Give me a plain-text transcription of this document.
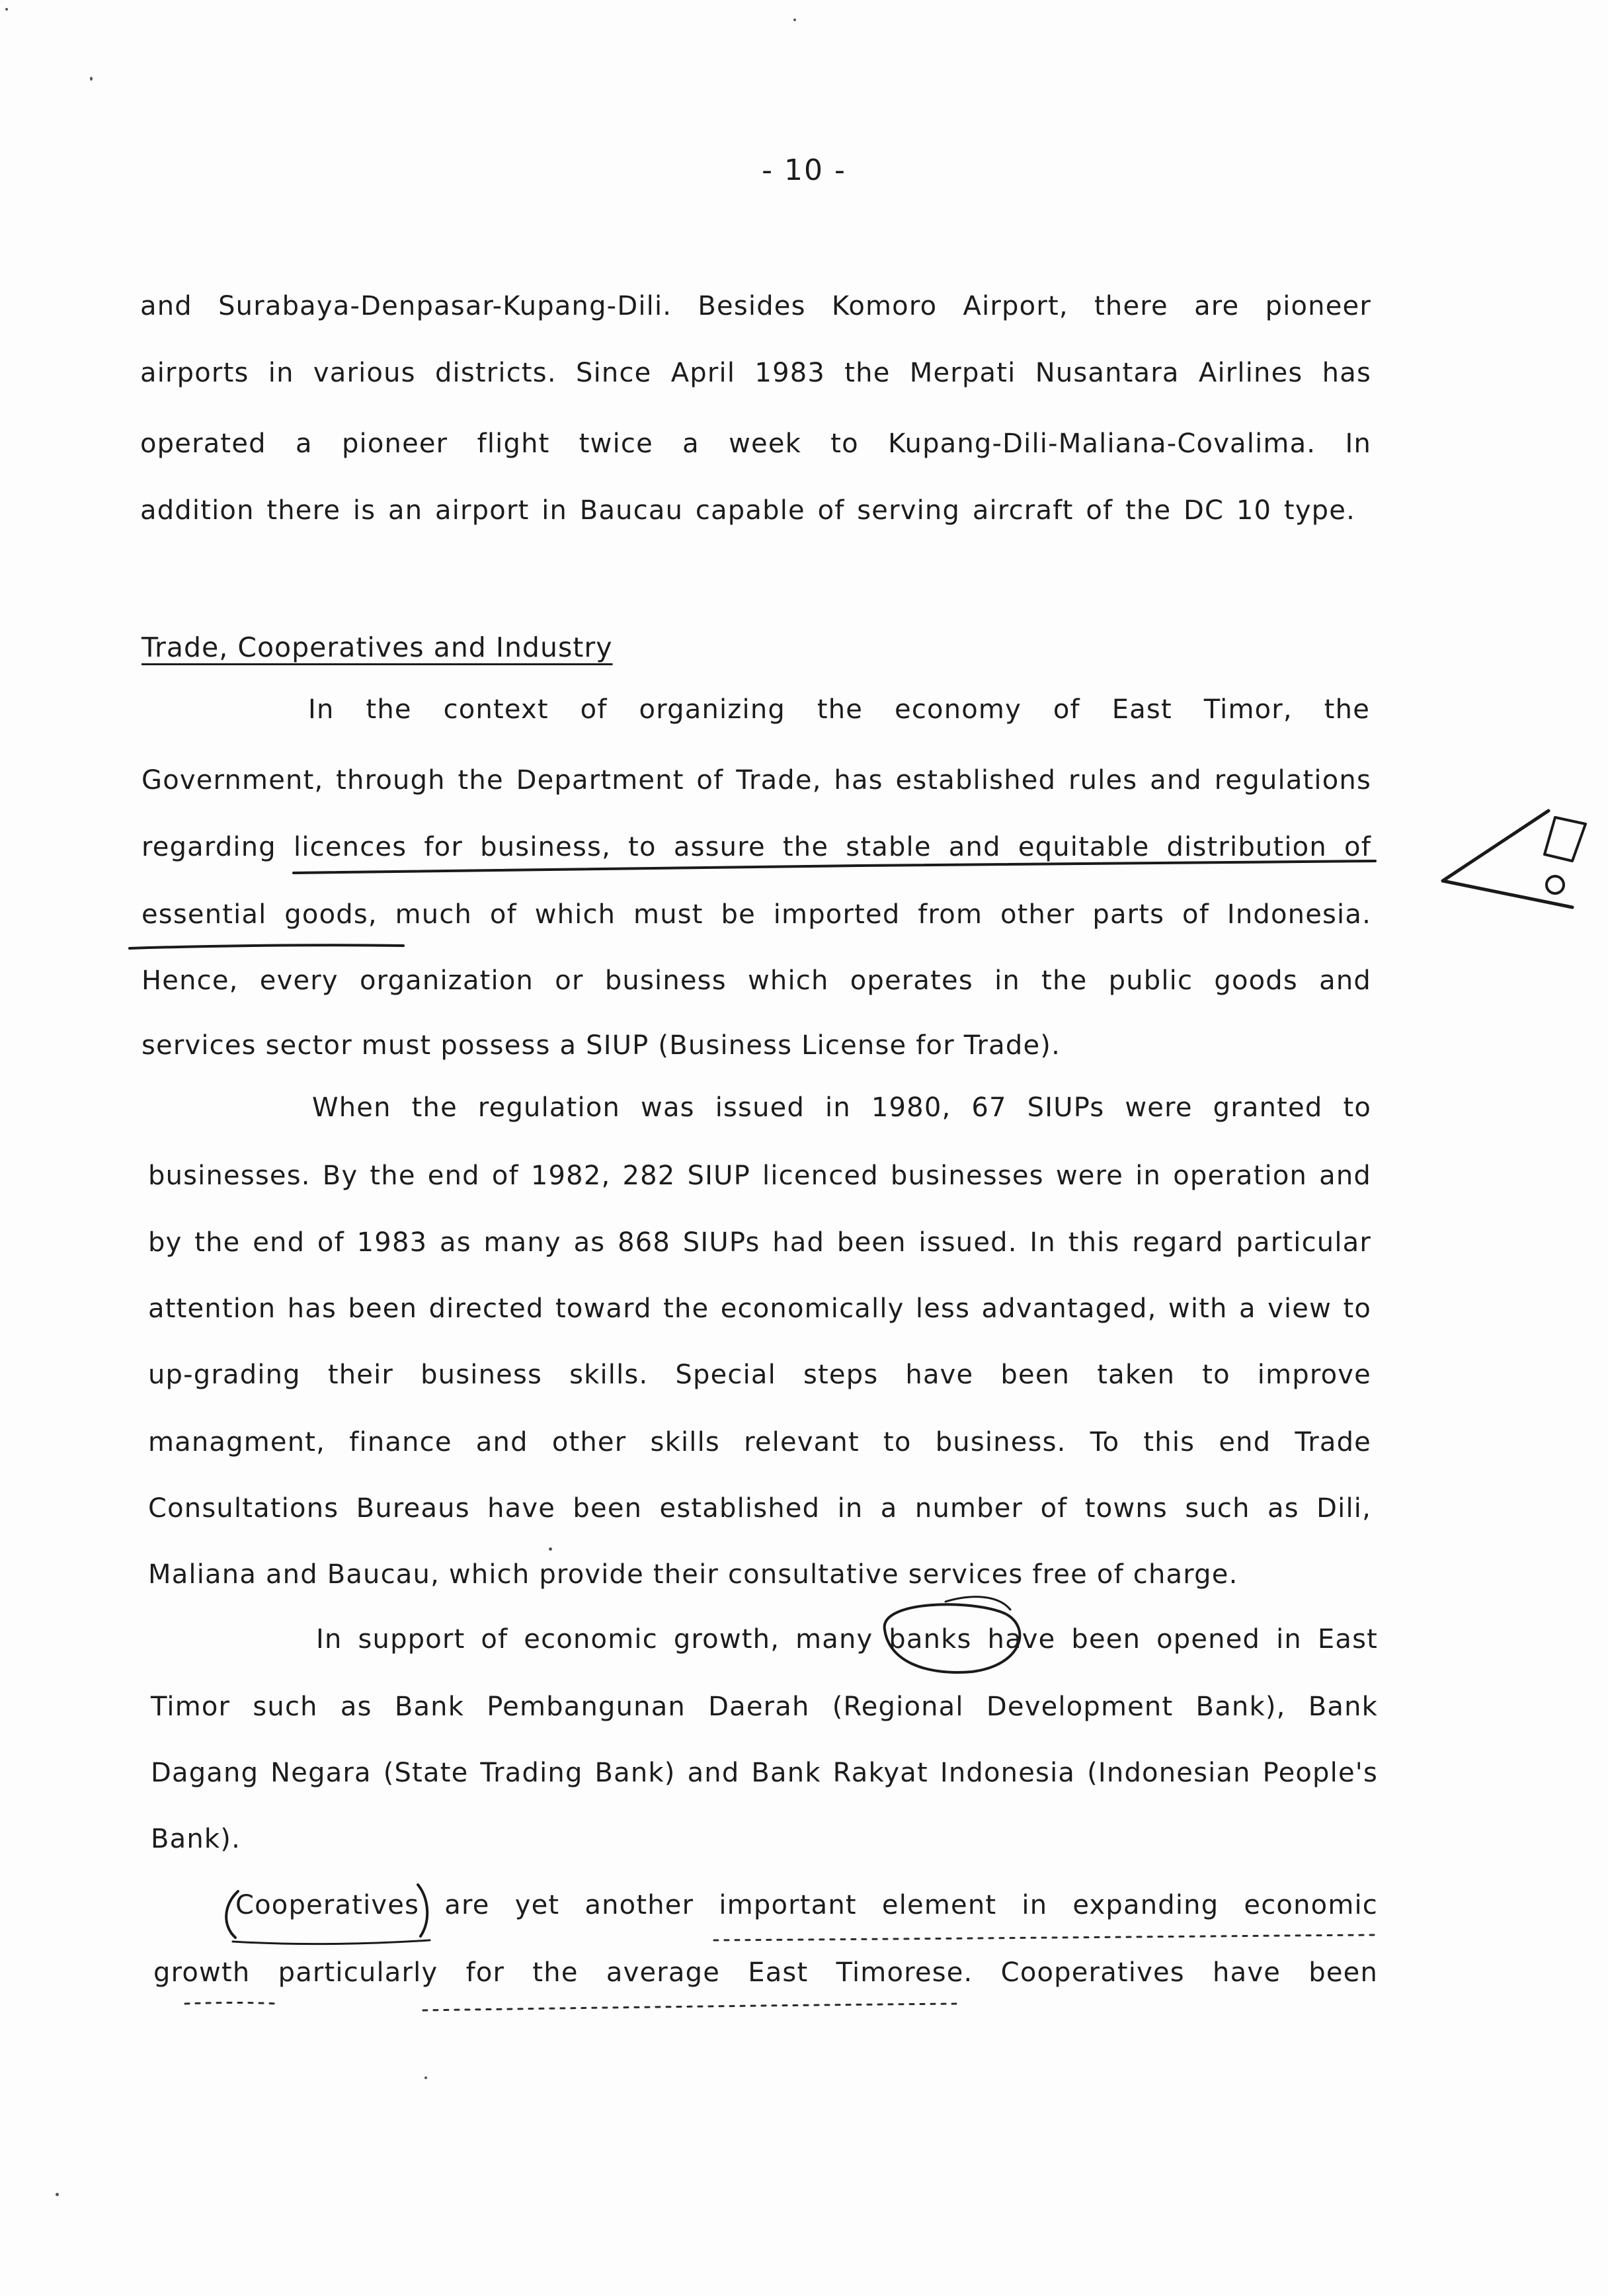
- 10 -
and Surabaya-Denpasar-Kupang-Dili. Besides Komoro Airport, there are pioneer
airports in various districts. Since April 1983 the Merpati Nusantara Airlines has
operated a pioneer flight twice a week to Kupang-Dili-Maliana-Covalima. In
addition there is an airport in Baucau capable of serving aircraft of the DC 10 type.
Trade, Cooperatives and Industry
In the context of organizing the economy of East Timor, the
Government, through the Department of Trade, has established rules and regulations
regarding licences for business, to assure the stable and equitable distribution of
essential goods, much of which must be imported from other parts of Indonesia.
Hence, every organization or business which operates in the public goods and
services sector must possess a SIUP (Business License for Trade).
When the regulation was issued in 1980, 67 SIUPs were granted to
businesses. By the end of 1982, 282 SIUP licenced businesses were in operation and
by the end of 1983 as many as 868 SIUPs had been issued. In this regard particular
attention has been directed toward the economically less advantaged, with a view to
up-grading their business skills. Special steps have been taken to improve
managment, finance and other skills relevant to business. To this end Trade
Consultations Bureaus have been established in a number of towns such as Dili,
Maliana and Baucau, which provide their consultative services free of charge.
In support of economic growth, many banks have been opened in East
Timor such as Bank Pembangunan Daerah (Regional Development Bank), Bank
Dagang Negara (State Trading Bank) and Bank Rakyat Indonesia (Indonesian People's
Bank).
Cooperatives are yet another important element in expanding economic
growth particularly for the average East Timorese. Cooperatives have been
